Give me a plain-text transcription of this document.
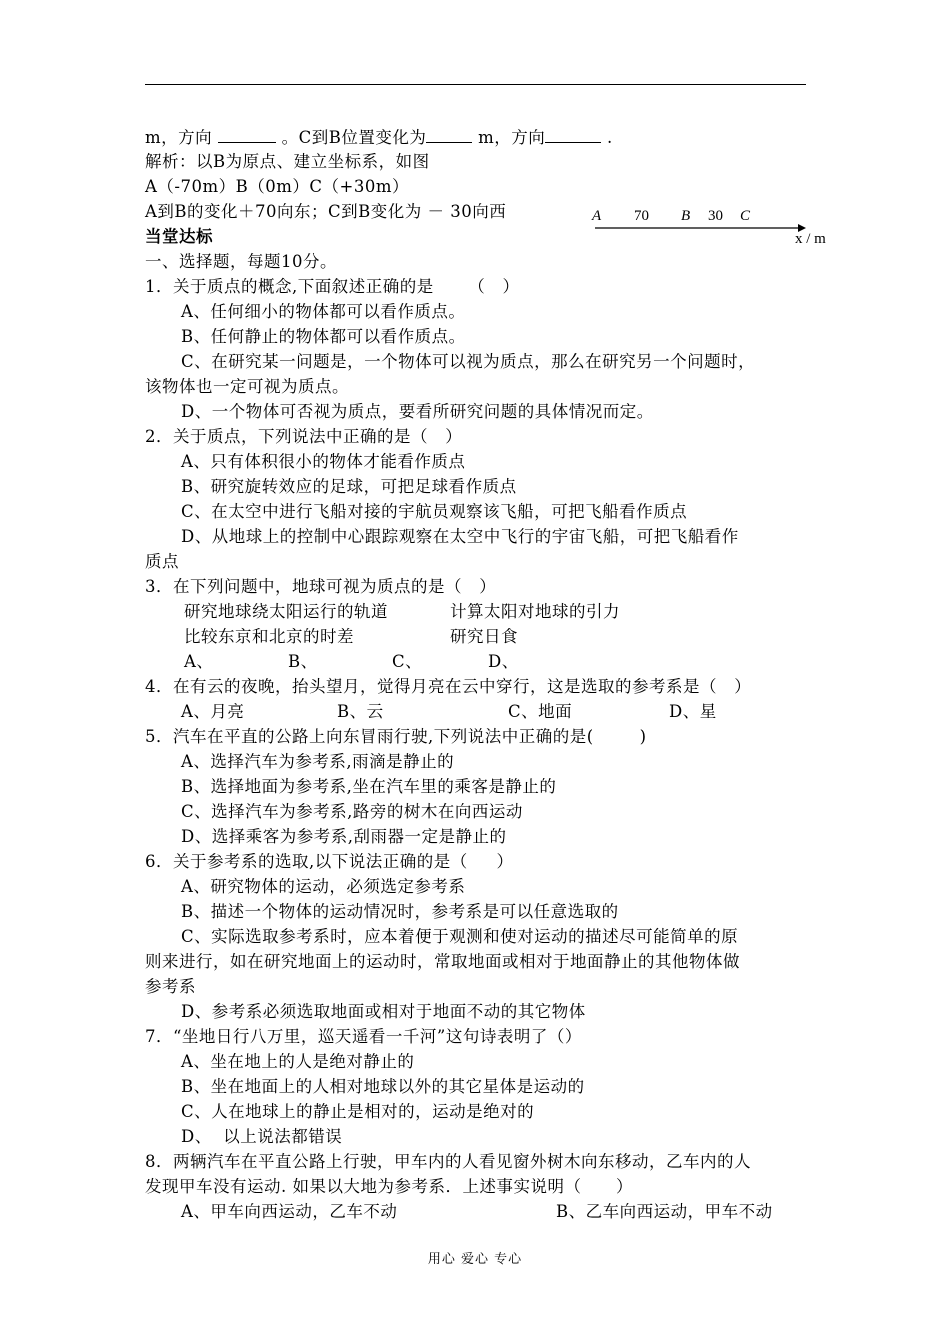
m，方向	。C到B位置变化为	m，方向	.
解析：以B为原点、建立坐标系，如图
A（-70m）B（0m）C（+30m）
A到B的变化＋70向东；C到B变化为 － 30向西	A 70 B 30 C
x / m
当堂达标
一、选择题，每题10分。
1．关于质点的概念,下面叙述正确的是      （   ）
A、任何细小的物体都可以看作质点。
B、任何静止的物体都可以看作质点。
C、在研究某一问题是，一个物体可以视为质点，那么在研究另一个问题时，
该物体也一定可视为质点。
D、一个物体可否视为质点，要看所研究问题的具体情况而定。
2．关于质点，下列说法中正确的是（   ）
A、只有体积很小的物体才能看作质点
B、研究旋转效应的足球，可把足球看作质点
C、在太空中进行飞船对接的宇航员观察该飞船，可把飞船看作质点
D、从地球上的控制中心跟踪观察在太空中飞行的宇宙飞船，可把飞船看作
质点
3．在下列问题中，地球可视为质点的是（   ）
研究地球绕太阳运行的轨道	计算太阳对地球的引力
比较东京和北京的时差	研究日食
A、	B、	C、	D、
4．在有云的夜晚，抬头望月，觉得月亮在云中穿行，这是选取的参考系是（   ）
A、月亮	B、云	C、地面	D、星
5．汽车在平直的公路上向东冒雨行驶,下列说法中正确的是(        )
A、选择汽车为参考系,雨滴是静止的
B、选择地面为参考系,坐在汽车里的乘客是静止的
C、选择汽车为参考系,路旁的树木在向西运动
D、选择乘客为参考系,刮雨器一定是静止的
6．关于参考系的选取,以下说法正确的是（     ）
A、研究物体的运动，必须选定参考系
B、描述一个物体的运动情况时，参考系是可以任意选取的
C、实际选取参考系时，应本着便于观测和使对运动的描述尽可能简单的原
则来进行，如在研究地面上的运动时，常取地面或相对于地面静止的其他物体做
参考系
D、参考系必须选取地面或相对于地面不动的其它物体
7．“坐地日行八万里，巡天遥看一千河”这句诗表明了（）
A、坐在地上的人是绝对静止的
B、坐在地面上的人相对地球以外的其它星体是运动的
C、人在地球上的静止是相对的，运动是绝对的
D、  以上说法都错误
8．两辆汽车在平直公路上行驶，甲车内的人看见窗外树木向东移动，乙车内的人
发现甲车没有运动. 如果以大地为参考系．上述事实说明（      ）
A、甲车向西运动，乙车不动	B、乙车向西运动，甲车不动
用心 爱心 专心
